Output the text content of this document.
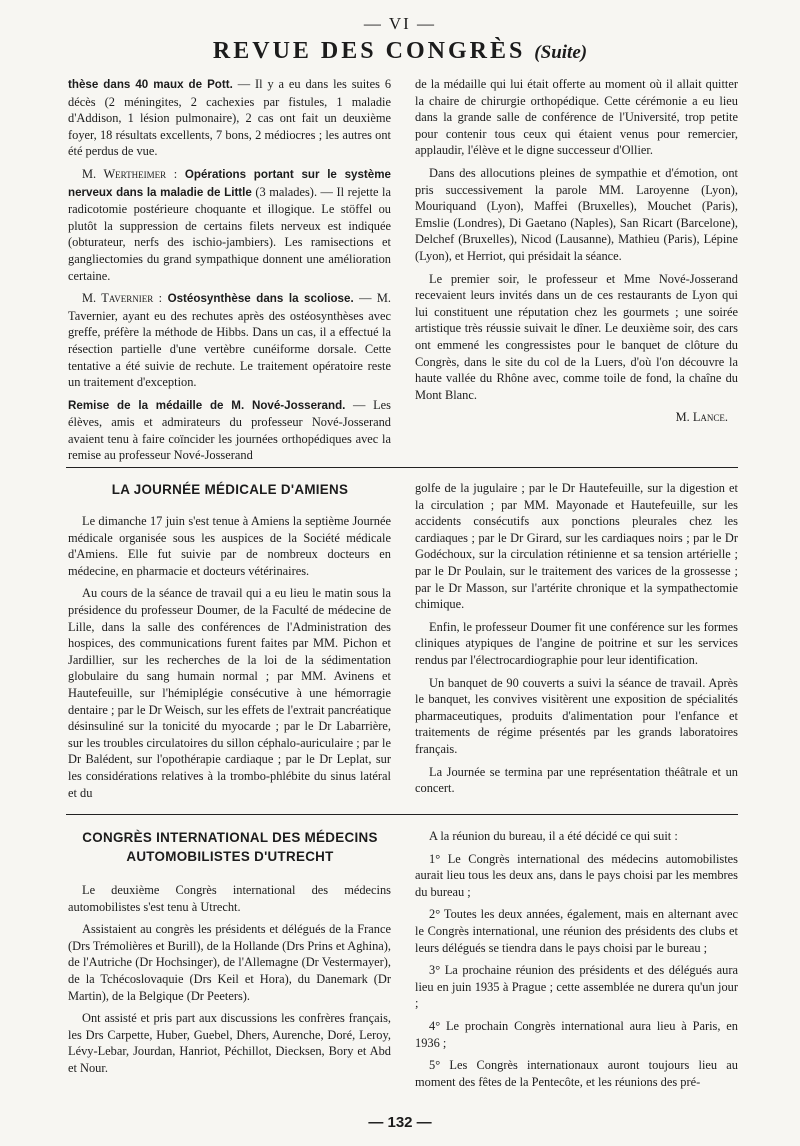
— VI —
REVUE DES CONGRÈS (Suite)

thèse dans 40 maux de Pott. — Il y a eu dans les suites 6 décès (2 méningites, 2 cachexies par fistules, 1 maladie d'Addison, 1 lésion pulmonaire), 2 cas ont fait un deuxième foyer, 18 résultats excellents, 7 bons, 2 médiocres ; les autres ont été perdus de vue.

M. Wertheimer : Opérations portant sur le système nerveux dans la maladie de Little (3 malades). — Il rejette la radicotomie postérieure choquante et illogique. Le stöffel ou plutôt la suppression de certains filets nerveux est indiquée (obturateur, nerfs des ischio-jambiers). Les ramisections et gangliectomies du grand sympathique donnent une amélioration certaine.

M. Tavernier : Ostéosynthèse dans la scoliose. — M. Tavernier, ayant eu des rechutes après des ostéosynthèses avec greffe, préfère la méthode de Hibbs. Dans un cas, il a effectué la résection partielle d'une vertèbre cunéiforme dorsale. Cette tentative a été suivie de rechute. Le traitement opératoire reste un traitement d'exception.

Remise de la médaille de M. Nové-Josserand. — Les élèves, amis et admirateurs du professeur Nové-Josserand avaient tenu à faire coïncider les journées orthopédiques avec la remise au professeur Nové-Josserand

de la médaille qui lui était offerte au moment où il allait quitter la chaire de chirurgie orthopédique. Cette cérémonie a eu lieu dans la grande salle de conférence de l'Université, trop petite pour contenir tous ceux qui étaient venus pour remercier, applaudir, l'élève et le digne successeur d'Ollier.

Dans des allocutions pleines de sympathie et d'émotion, ont pris successivement la parole MM. Laroyenne (Lyon), Mouriquand (Lyon), Maffei (Bruxelles), Mouchet (Paris), Emslie (Londres), Di Gaetano (Naples), San Ricart (Barcelone), Delchef (Bruxelles), Nicod (Lausanne), Mathieu (Paris), Lépine (Lyon), et Herriot, qui présidait la séance.

Le premier soir, le professeur et Mme Nové-Josserand recevaient leurs invités dans un de ces restaurants de Lyon qui lui constituent une réputation chez les gourmets ; une soirée artistique très réussie suivait le dîner. Le deuxième soir, des cars ont emmené les congressistes pour le banquet de clôture du Congrès, dans le site du col de la Luers, d'où l'on découvre la haute vallée du Rhône avec, comme toile de fond, la chaîne du Mont Blanc.

M. Lance.
LA JOURNÉE MÉDICALE D'AMIENS

Le dimanche 17 juin s'est tenue à Amiens la septième Journée médicale organisée sous les auspices de la Société médicale d'Amiens. Elle fut suivie par de nombreux docteurs en médecine, en pharmacie et docteurs vétérinaires.

Au cours de la séance de travail qui a eu lieu le matin sous la présidence du professeur Doumer, de la Faculté de médecine de Lille, dans la salle des conférences de l'Administration des hospices, des communications furent faites par MM. Pichon et Jardillier, sur les recherches de la loi de la sédimentation globulaire du sang humain normal ; par MM. Avinens et Hautefeuille, sur l'hémiplégie consécutive à une hémorragie dentaire ; par le Dr Weisch, sur les effets de l'extrait pancréatique désinsuliné sur la tonicité du myocarde ; par le Dr Labarrière, sur les troubles circulatoires du sillon céphalo-auriculaire ; par le Dr Balédent, sur l'opothérapie cardiaque ; par le Dr Leplat, sur les considérations relatives à la trombo-phlébite du sinus latéral et du

golfe de la jugulaire ; par le Dr Hautefeuille, sur la digestion et la circulation ; par MM. Mayonade et Hautefeuille, sur les accidents consécutifs aux ponctions pleurales chez les cardiaques ; par le Dr Girard, sur les cardiaques noirs ; par le Dr Godéchoux, sur la circulation rétinienne et sa tension artérielle ; par le Dr Poulain, sur le traitement des varices de la grossesse ; par le Dr Masson, sur l'artérite chronique et la sympathectomie chimique.

Enfin, le professeur Doumer fit une conférence sur les formes cliniques atypiques de l'angine de poitrine et sur les services rendus par l'électrocardiographie pour leur identification.

Un banquet de 90 couverts a suivi la séance de travail. Après le banquet, les convives visitèrent une exposition de spécialités pharmaceutiques, produits d'alimentation pour l'enfance et traitements de régime présentés par les grands laboratoires français.

La Journée se termina par une représentation théâtrale et un concert.

CONGRÈS INTERNATIONAL DES MÉDECINS
AUTOMOBILISTES D'UTRECHT

Le deuxième Congrès international des médecins automobilistes s'est tenu à Utrecht.

Assistaient au congrès les présidents et délégués de la France (Drs Trémolières et Burill), de la Hollande (Drs Prins et Aghina), de l'Autriche (Dr Hochsinger), de l'Allemagne (Dr Vestermayer), de la Tchécoslovaquie (Drs Keil et Hora), du Danemark (Dr Martin), de la Belgique (Dr Peeters).

Ont assisté et pris part aux discussions les confrères français, les Drs Carpette, Huber, Guebel, Dhers, Aurenche, Doré, Leroy, Lévy-Lebar, Jourdan, Hanriot, Péchillot, Diecksen, Bory et Abd et Nour.

A la réunion du bureau, il a été décidé ce qui suit :

1° Le Congrès international des médecins automobilistes aurait lieu tous les deux ans, dans le pays choisi par les membres du bureau ;

2° Toutes les deux années, également, mais en alternant avec le Congrès international, une réunion des présidents des clubs et leurs délégués se tiendra dans le pays choisi par le bureau ;

3° La prochaine réunion des présidents et des délégués aura lieu en juin 1935 à Prague ; cette assemblée ne durera qu'un jour ;

4° Le prochain Congrès international aura lieu à Paris, en 1936 ;

5° Les Congrès internationaux auront toujours lieu au moment des fêtes de la Pentecôte, et les réunions des pré-

— 132 —
